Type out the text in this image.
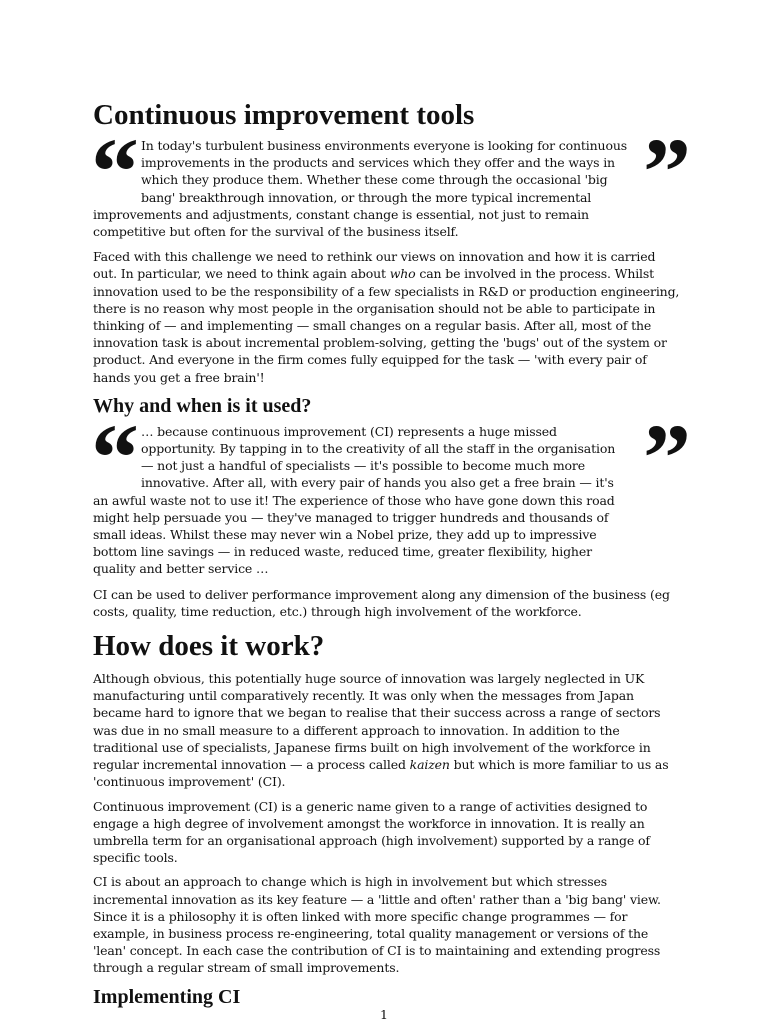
Continuous improvement tools
“	”

In today's turbulent business environments everyone is looking for continuous improvements in the products and services which they offer and the ways in which they produce them. Whether these come through the occasional 'big bang' breakthrough innovation, or through the more typical incremental improvements and adjustments, constant change is essential, not just to remain competitive but often for the survival of the business itself.

Faced with this challenge we need to rethink our views on innovation and how it is carried out. In particular, we need to think again about who can be involved in the process. Whilst innovation used to be the responsibility of a few specialists in R&D or production engineering, there is no reason why most people in the organisation should not be able to participate in thinking of — and implementing — small changes on a regular basis. After all, most of the innovation task is about incremental problem-solving, getting the 'bugs' out of the system or product. And everyone in the firm comes fully equipped for the task — 'with every pair of hands you get a free brain'!

Why and when is it used?
“	”

… because continuous improvement (CI) represents a huge missed opportunity. By tapping in to the creativity of all the staff in the organisation — not just a handful of specialists — it's possible to become much more innovative. After all, with every pair of hands you also get a free brain — it's an awful waste not to use it! The experience of those who have gone down this road might help persuade you — they've managed to trigger hundreds and thousands of small ideas. Whilst these may never win a Nobel prize, they add up to impressive bottom line savings — in reduced waste, reduced time, greater flexibility, higher quality and better service …

CI can be used to deliver performance improvement along any dimension of the business (eg costs, quality, time reduction, etc.) through high involvement of the workforce.

How does it work?

Although obvious, this potentially huge source of innovation was largely neglected in UK manufacturing until comparatively recently. It was only when the messages from Japan became hard to ignore that we began to realise that their success across a range of sectors was due in no small measure to a different approach to innovation. In addition to the traditional use of specialists, Japanese firms built on high involvement of the workforce in regular incremental innovation — a process called kaizen but which is more familiar to us as 'continuous improvement' (CI).

Continuous improvement (CI) is a generic name given to a range of activities designed to engage a high degree of involvement amongst the workforce in innovation. It is really an umbrella term for an organisational approach (high involvement) supported by a range of specific tools.

CI is about an approach to change which is high in involvement but which stresses incremental innovation as its key feature — a 'little and often' rather than a 'big bang' view. Since it is a philosophy it is often linked with more specific change programmes — for example, in business process re-engineering, total quality management or versions of the 'lean' concept. In each case the contribution of CI is to maintaining and extending progress through a regular stream of small improvements.

Implementing CI
1
